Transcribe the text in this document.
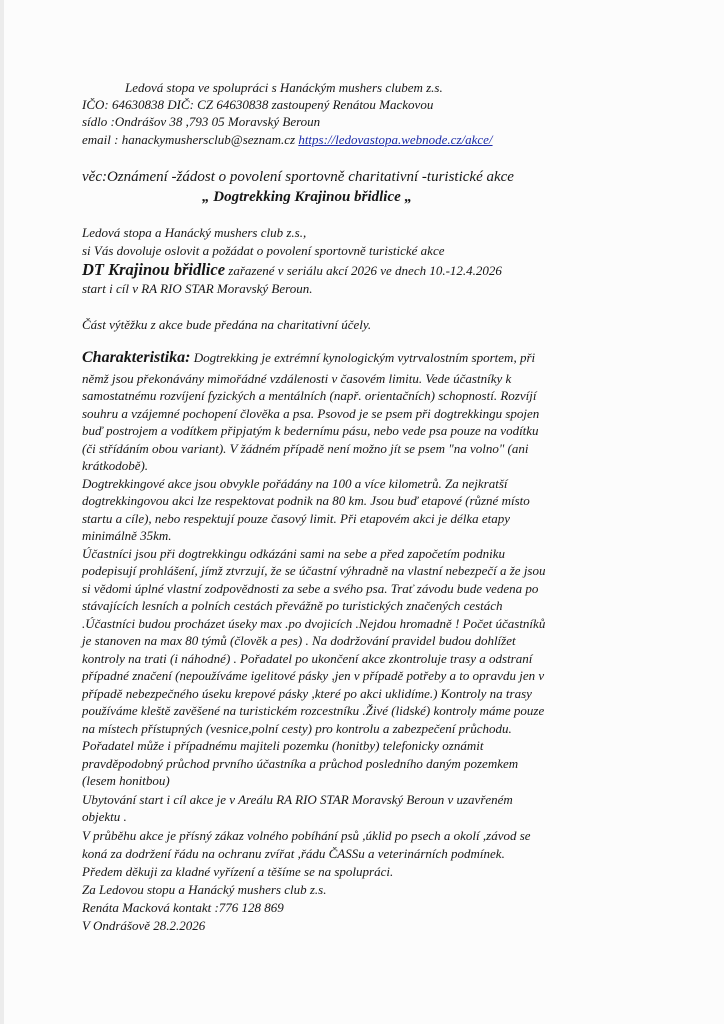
Ledová stopa ve spolupráci s Hanáckým mushers clubem z.s.
IČO: 64630838 DIČ: CZ 64630838 zastoupený Renátou Mackovou
sídlo :Ondrášov 38 ,793 05 Moravský Beroun
email : hanackymushersclub@seznam.cz https://ledovastopa.webnode.cz/akce/
věc:Oznámení -žádost o povolení sportovně charitativní -turistické akce
„ Dogtrekking Krajinou břidlice „
Ledová stopa a Hanácký mushers club z.s.,
si Vás dovoluje oslovit a požádat o povolení sportovně turistické akce
DT Krajinou břidlice zařazené v seriálu akcí 2026 ve dnech 10.-12.4.2026
start i cíl v RA RIO STAR Moravský Beroun.
Část výtěžku z akce bude předána na charitativní účely.
Charakteristika: Dogtrekking je extrémní kynologickým vytrvalostním sportem, při
němž jsou překonávány mimořádné vzdálenosti v časovém limitu. Vede účastníky k
samostatnému rozvíjení fyzických a mentálních (např. orientačních) schopností. Rozvíjí
souhru a vzájemné pochopení člověka a psa. Psovod je se psem při dogtrekkingu spojen
buď postrojem a vodítkem připjatým k bedernímu pásu, nebo vede psa pouze na vodítku
(či střídáním obou variant). V žádném případě není možno jít se psem "na volno" (ani
krátkodobě).
Dogtrekkingové akce jsou obvykle pořádány na 100 a více kilometrů. Za nejkratší
dogtrekkingovou akci lze respektovat podnik na 80 km. Jsou buď etapové (různé místo
startu a cíle), nebo respektují pouze časový limit. Při etapovém akci je délka etapy
minimálně 35km.
Účastníci jsou při dogtrekkingu odkázáni sami na sebe a před započetím podniku
podepisují prohlášení, jímž ztvrzují, že se účastní výhradně na vlastní nebezpečí a že jsou
si vědomi úplné vlastní zodpovědnosti za sebe a svého psa. Trať závodu bude vedena po
stávajících lesních a polních cestách převážně po turistických značených cestách
.Účastníci budou procházet úseky max .po dvojicích .Nejdou hromadně ! Počet účastníků
je stanoven na max 80 týmů (člověk a pes) . Na dodržování pravidel budou dohlížet
kontroly na trati (i náhodné) . Pořadatel po ukončení akce zkontroluje trasy a odstraní
případné značení (nepoužíváme igelitové pásky ,jen v případě potřeby a to opravdu jen v
případě nebezpečného úseku krepové pásky ,které po akci uklidíme.) Kontroly na trasy
používáme kleště zavěšené na turistickém rozcestníku .Živé (lidské) kontroly máme pouze
na místech přístupných (vesnice,polní cesty) pro kontrolu a zabezpečení průchodu.
Pořadatel může i případnému majiteli pozemku (honitby) telefonicky oznámit
pravděpodobný průchod prvního účastníka a průchod posledního daným pozemkem
(lesem honitbou)
Ubytování start i cíl akce je v Areálu RA RIO STAR Moravský Beroun v uzavřeném
objektu .
V průběhu akce je přísný zákaz volného pobíhání psů ,úklid po psech a okolí ,závod se
koná za dodržení řádu na ochranu zvířat ,řádu ČASSu a veterinárních podmínek.
Předem děkuji za kladné vyřízení a těšíme se na spolupráci.
Za Ledovou stopu a Hanácký mushers club z.s.
Renáta Macková kontakt :776 128 869
V Ondrášově 28.2.2026
